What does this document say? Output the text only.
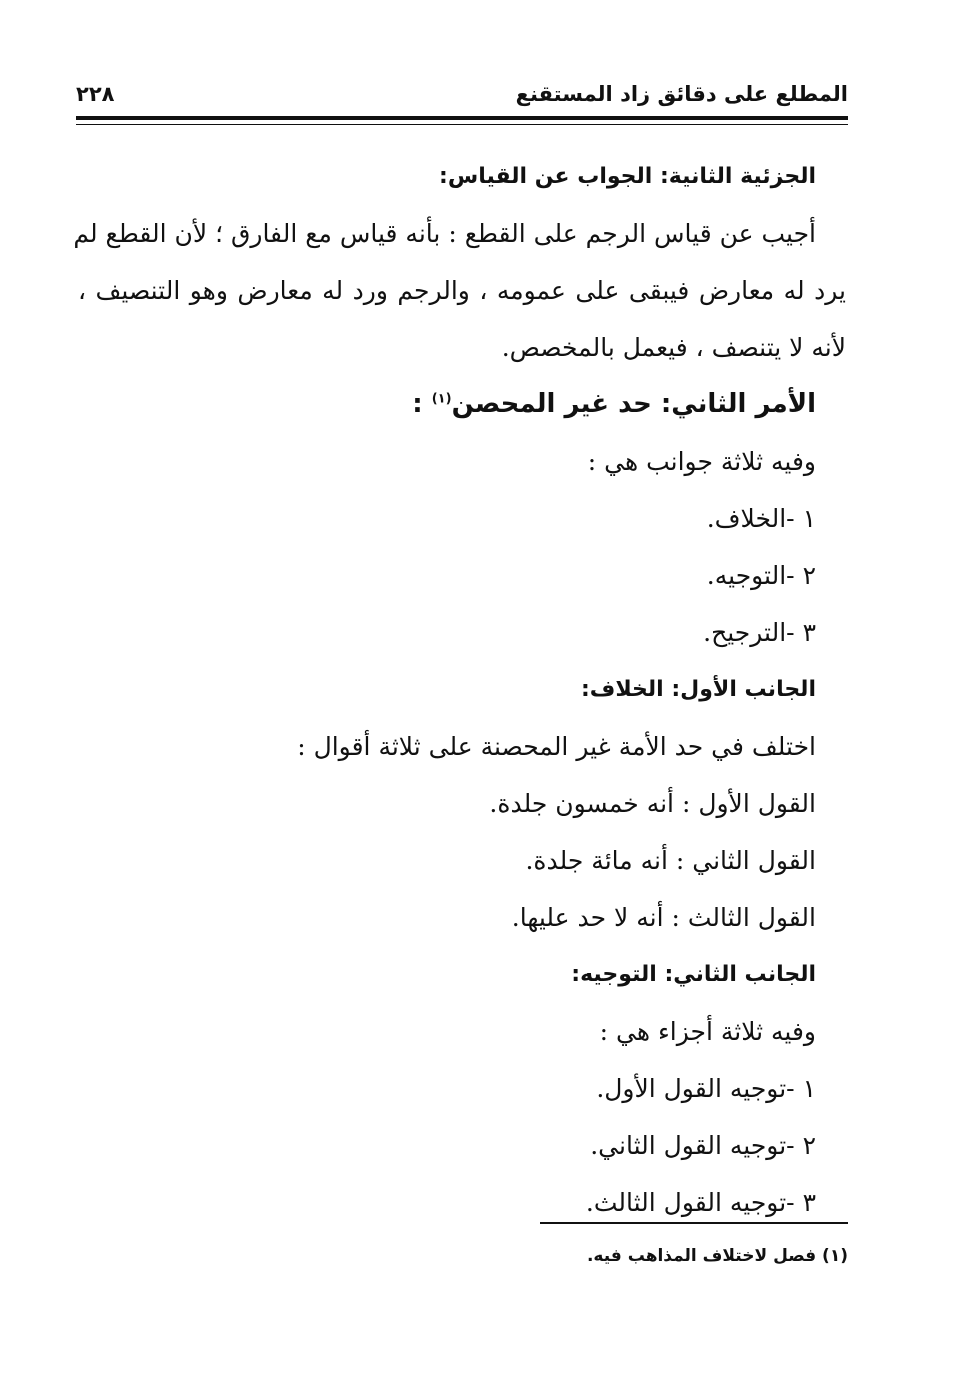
المطلع على دقائق زاد المستقنع
٢٢٨
الجزئية الثانية: الجواب عن القياس:
أجيب عن قياس الرجم على القطع : بأنه قياس مع الفارق ؛ لأن القطع لم
يرد له معارض فيبقى على عمومه ، والرجم ورد له معارض وهو التنصيف ،
لأنه لا يتنصف ، فيعمل بالمخصص.
الأمر الثاني: حد غير المحصن$^{(١)}$ :
وفيه ثلاثة جوانب هي :
١ -الخلاف.
٢ -التوجيه.
٣ -الترجيح.
الجانب الأول: الخلاف:
اختلف في حد الأمة غير المحصنة على ثلاثة أقوال :
القول الأول : أنه خمسون جلدة.
القول الثاني : أنه مائة جلدة.
القول الثالث : أنه لا حد عليها.
الجانب الثاني: التوجيه:
وفيه ثلاثة أجزاء هي :
١ -توجيه القول الأول.
٢ -توجيه القول الثاني.
٣ -توجيه القول الثالث.
(١) فصل لاختلاف المذاهب فيه.
